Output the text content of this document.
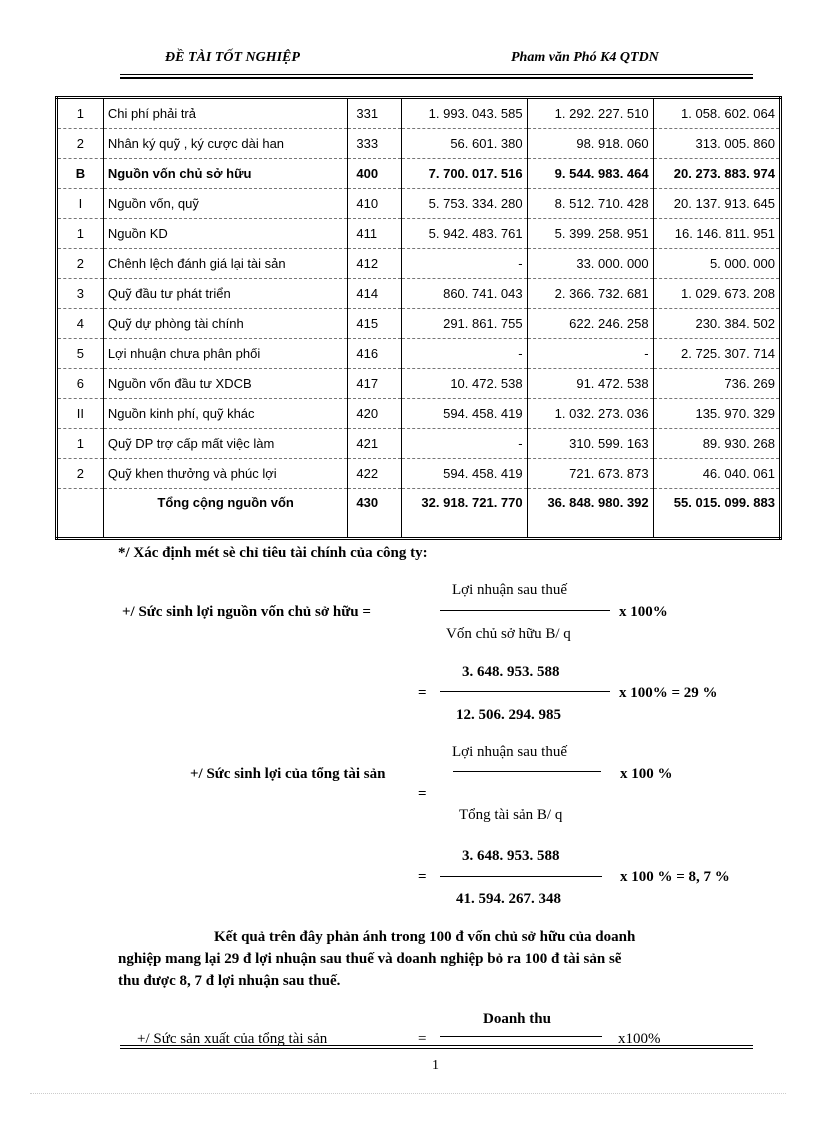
ĐỀ TÀI TỐT NGHIỆP	Pham văn Phó K4 QTDN
1	Chi phí phải trả	331	1. 993. 043. 585	1. 292. 227. 510	1. 058. 602. 064
2	Nhân ký quỹ , ký cược dài han	333	56. 601. 380	98. 918. 060	313. 005. 860
B	Nguồn vốn chủ sở hữu	400	7. 700. 017. 516	9. 544. 983. 464	20. 273. 883. 974
I	Nguồn vốn, quỹ	410	5. 753. 334. 280	8. 512. 710. 428	20. 137. 913. 645
1	Nguồn KD	411	5. 942. 483. 761	5. 399. 258. 951	16. 146. 811. 951
2	Chênh lệch đánh giá lại tài sản	412	-	33. 000. 000	5. 000. 000
3	Quỹ đầu tư phát triển	414	860. 741. 043	2. 366. 732. 681	1. 029. 673. 208
4	Quỹ dự phòng tài chính	415	291. 861. 755	622. 246. 258	230. 384. 502
5	Lợi nhuận chưa phân phối	416	-	-	2. 725. 307. 714
6	Nguồn vốn đầu tư XDCB	417	10. 472. 538	91. 472. 538	736. 269
II	Nguồn kinh phí, quỹ khác	420	594. 458. 419	1. 032. 273. 036	135. 970. 329
1	Quỹ DP trợ cấp mất việc làm	421	-	310. 599. 163	89. 930. 268
2	Quỹ khen thưởng và phúc lợi	422	594. 458. 419	721. 673. 873	46. 040. 061
	Tổng cộng nguồn vốn	430	32. 918. 721. 770	36. 848. 980. 392	55. 015. 099. 883
*/ Xác định mét sè chỉ tiêu tài chính của công ty:
Lợi nhuận sau thuế
+/ Sức sinh lợi nguồn vốn chủ sở hữu =	x 100%
Vốn chủ sở hữu B/ q
3. 648. 953. 588
=	x 100% = 29 %
12. 506. 294. 985
Lợi nhuận sau thuế
+/ Sức sinh lợi của tổng tài sản	x 100 %
=
Tổng tài sản B/ q
3. 648. 953. 588
=	x 100 % = 8, 7 %
41. 594. 267. 348
Kết quả trên đây phản ánh trong 100 đ vốn chủ sở hữu của doanh
nghiệp mang lại 29 đ lợi nhuận sau thuế và doanh nghiệp bỏ ra 100 đ tài sản sẽ
thu được 8, 7 đ lợi nhuận sau thuế.
Doanh thu
+/ Sức sản xuất của tổng tài sản	=	x100%
1
